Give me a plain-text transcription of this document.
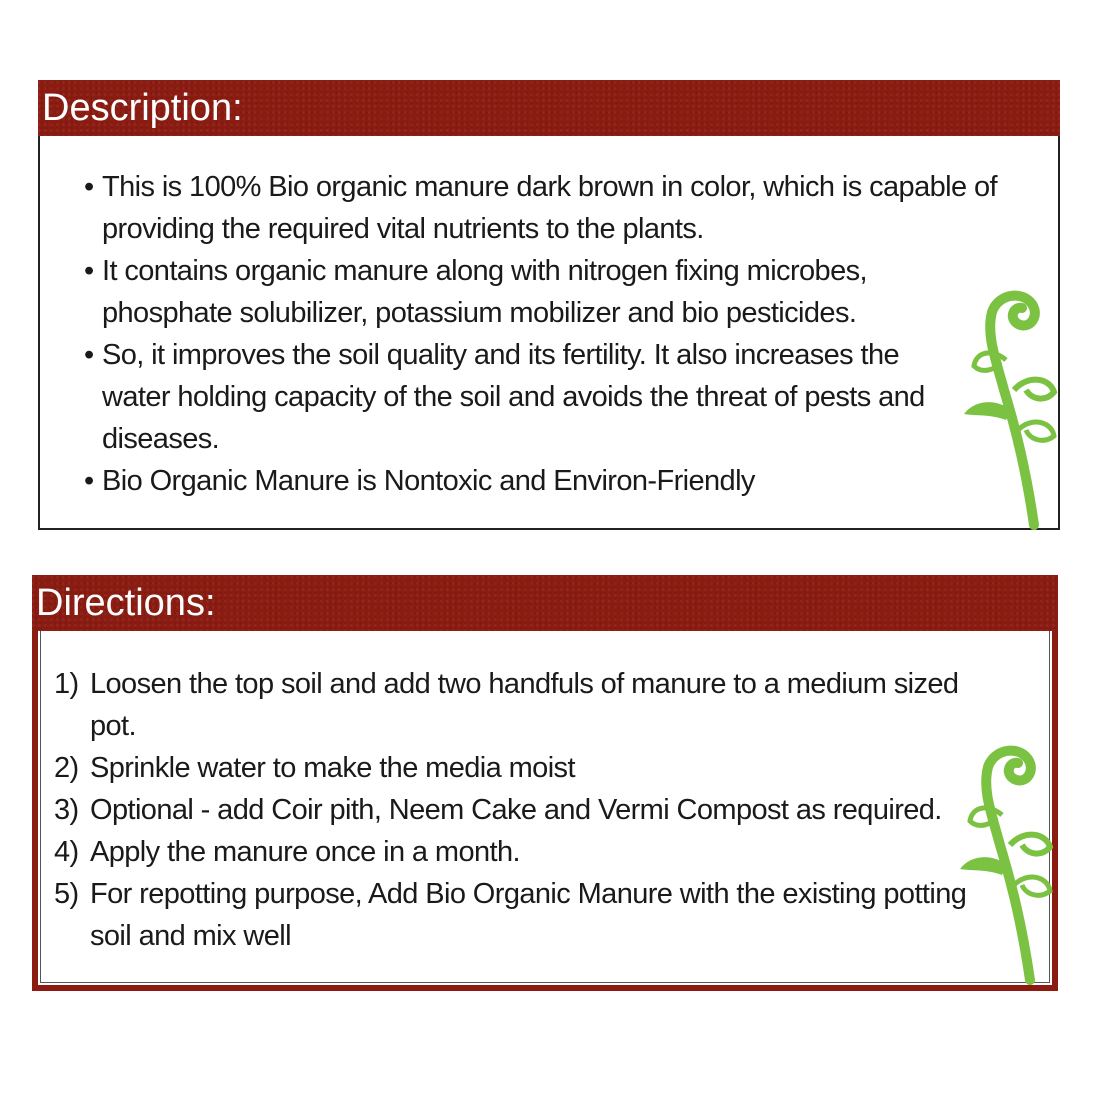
Description:
• This is 100% Bio organic manure dark brown in color, which is capable of providing the required vital nutrients to the plants.
• It contains organic manure along with nitrogen fixing microbes, phosphate solubilizer, potassium mobilizer and bio pesticides.
• So, it improves the soil quality and its fertility. It also increases the water holding capacity of the soil and avoids the threat of pests and diseases.
• Bio Organic Manure is Nontoxic and Environ-Friendly
Directions:
1) Loosen the top soil and add two handfuls of manure to a medium sized pot.
2) Sprinkle water to make the media moist
3) Optional - add Coir pith, Neem Cake and Vermi Compost as required.
4) Apply the manure once in a month.
5) For repotting purpose, Add Bio Organic Manure with the existing potting soil and mix well
